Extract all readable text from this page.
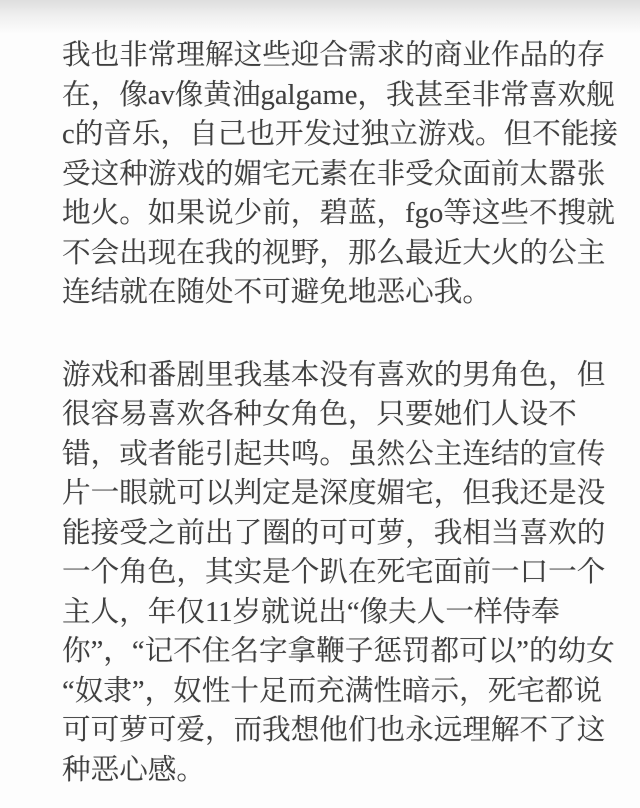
我也非常理解这些迎合需求的商业作品的存
在，像av像黄油galgame，我甚至非常喜欢舰
c的音乐，自己也开发过独立游戏。但不能接
受这种游戏的媚宅元素在非受众面前太嚣张
地火。如果说少前，碧蓝，fgo等这些不搜就
不会出现在我的视野，那么最近大火的公主
连结就在随处不可避免地恶心我。
游戏和番剧里我基本没有喜欢的男角色，但
很容易喜欢各种女角色，只要她们人设不
错，或者能引起共鸣。虽然公主连结的宣传
片一眼就可以判定是深度媚宅，但我还是没
能接受之前出了圈的可可萝，我相当喜欢的
一个角色，其实是个趴在死宅面前一口一个
主人，年仅11岁就说出“像夫人一样侍奉
你”，“记不住名字拿鞭子惩罚都可以”的幼女
“奴隶”，奴性十足而充满性暗示，死宅都说
可可萝可爱，而我想他们也永远理解不了这
种恶心感。
